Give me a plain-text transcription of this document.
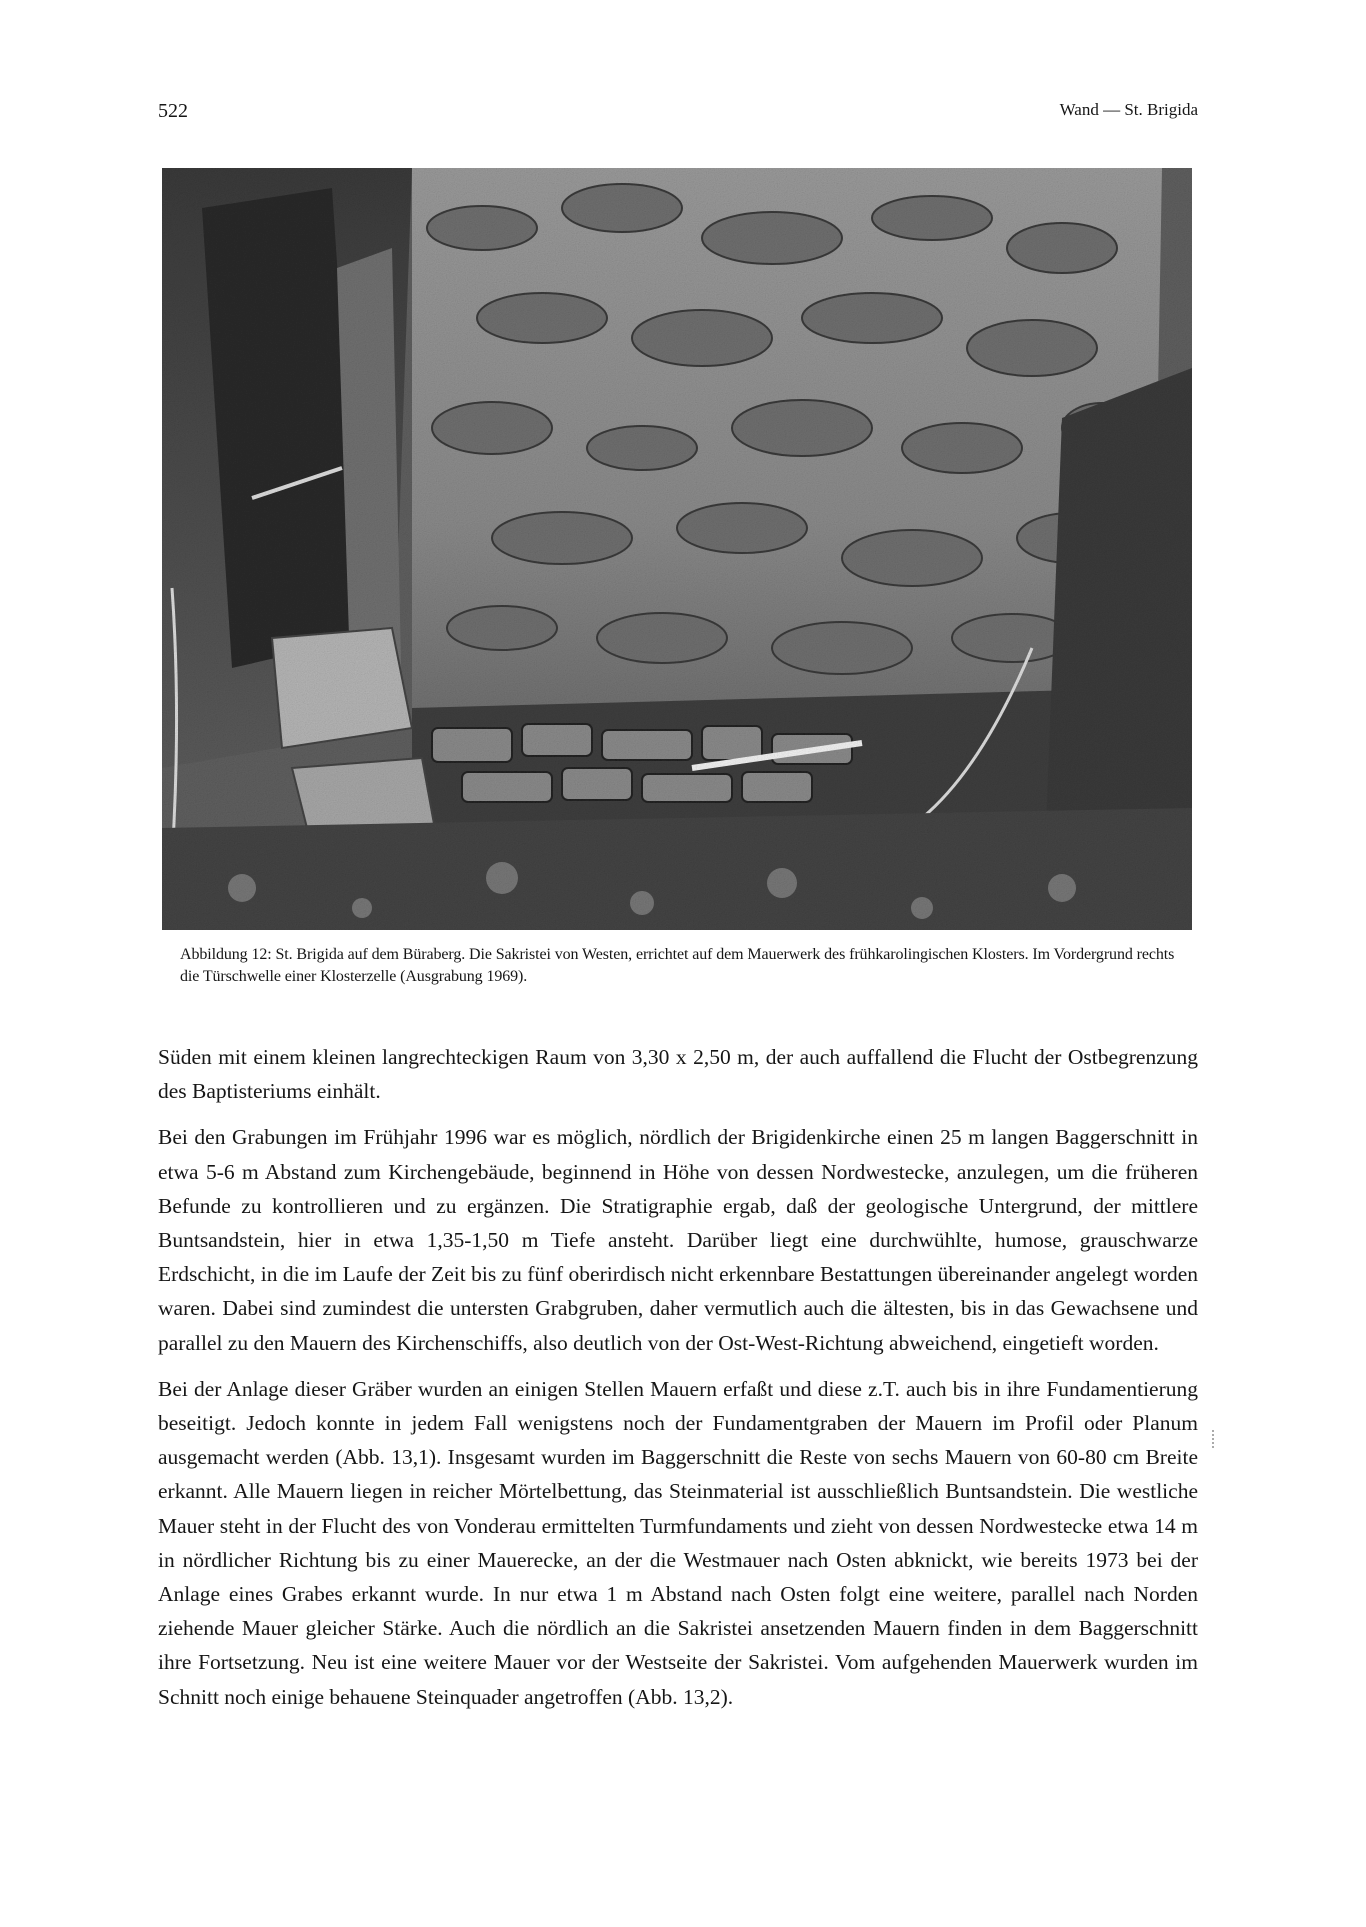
522	Wand — St. Brigida
Abbildung 12: St. Brigida auf dem Büraberg. Die Sakristei von Westen, errichtet auf dem Mauerwerk des frühkarolingischen Klosters. Im Vordergrund rechts die Türschwelle einer Klosterzelle (Ausgrabung 1969).

Süden mit einem kleinen langrechteckigen Raum von 3,30 x 2,50 m, der auch auffallend die Flucht der Ostbegrenzung des Baptisteriums einhält.

Bei den Grabungen im Frühjahr 1996 war es möglich, nördlich der Brigidenkirche einen 25 m langen Baggerschnitt in etwa 5-6 m Abstand zum Kirchengebäude, beginnend in Höhe von dessen Nordwestecke, anzulegen, um die früheren Befunde zu kontrollieren und zu ergänzen. Die Stratigraphie ergab, daß der geologische Untergrund, der mittlere Buntsandstein, hier in etwa 1,35-1,50 m Tiefe ansteht. Darüber liegt eine durchwühlte, humose, grauschwarze Erdschicht, in die im Laufe der Zeit bis zu fünf oberirdisch nicht erkennbare Bestattungen übereinander angelegt worden waren. Dabei sind zumindest die untersten Grabgruben, daher vermutlich auch die ältesten, bis in das Gewachsene und parallel zu den Mauern des Kirchenschiffs, also deutlich von der Ost-West-Richtung abweichend, eingetieft worden.

Bei der Anlage dieser Gräber wurden an einigen Stellen Mauern erfaßt und diese z.T. auch bis in ihre Fundamentierung beseitigt. Jedoch konnte in jedem Fall wenigstens noch der Fundamentgraben der Mauern im Profil oder Planum ausgemacht werden (Abb. 13,1). Insgesamt wurden im Baggerschnitt die Reste von sechs Mauern von 60-80 cm Breite erkannt. Alle Mauern liegen in reicher Mörtelbettung, das Steinmaterial ist ausschließlich Buntsandstein. Die westliche Mauer steht in der Flucht des von Vonderau ermittelten Turmfundaments und zieht von dessen Nordwestecke etwa 14 m in nördlicher Richtung bis zu einer Mauerecke, an der die Westmauer nach Osten abknickt, wie bereits 1973 bei der Anlage eines Grabes erkannt wurde. In nur etwa 1 m Abstand nach Osten folgt eine weitere, parallel nach Norden ziehende Mauer gleicher Stärke. Auch die nördlich an die Sakristei ansetzenden Mauern finden in dem Baggerschnitt ihre Fortsetzung. Neu ist eine weitere Mauer vor der Westseite der Sakristei. Vom aufgehenden Mauerwerk wurden im Schnitt noch einige behauene Steinquader angetroffen (Abb. 13,2).
